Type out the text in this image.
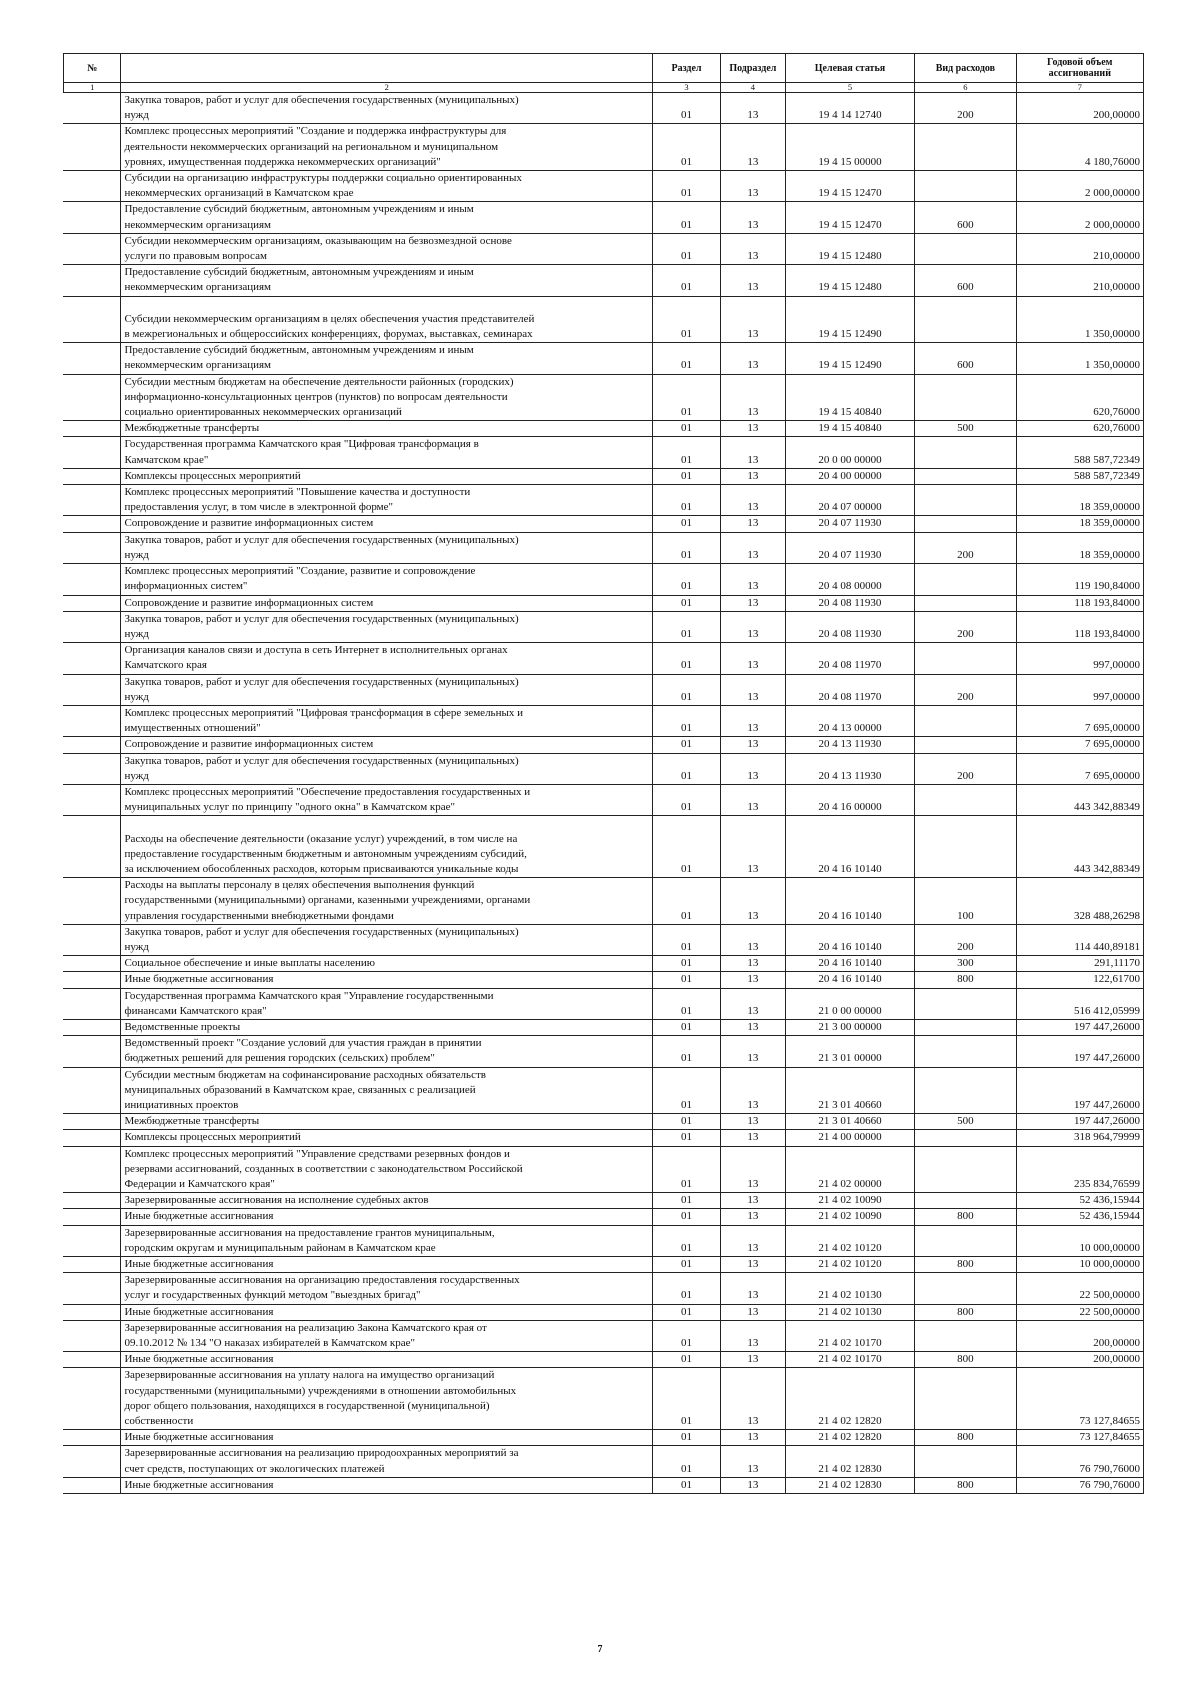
№		Раздел	Подраздел	Целевая статья	Вид расходов	Годовой объем ассигнований
1	2	3	4	5	6	7
	Закупка товаров, работ и услуг для обеспечения государственных (муниципальных)
нужд	01	13	19 4 14 12740	200	200,00000
	Комплекс процессных мероприятий "Создание и поддержка инфраструктуры для
деятельности некоммерческих организаций на региональном и муниципальном
уровнях, имущественная поддержка некоммерческих организаций"	01	13	19 4 15 00000		4 180,76000
	Субсидии на организацию инфраструктуры поддержки социально ориентированных
некоммерческих организаций в Камчатском крае	01	13	19 4 15 12470		2 000,00000
	Предоставление субсидий бюджетным, автономным учреждениям и иным
некоммерческим организациям	01	13	19 4 15 12470	600	2 000,00000
	Субсидии некоммерческим организациям, оказывающим на безвозмездной основе
услуги по правовым вопросам	01	13	19 4 15 12480		210,00000
	Предоставление субсидий бюджетным, автономным учреждениям и иным
некоммерческим организациям	01	13	19 4 15 12480	600	210,00000

Субсидии некоммерческим организациям в целях обеспечения участия представителей
в межрегиональных и общероссийских конференциях, форумах, выставках, семинарах	01	13	19 4 15 12490		1 350,00000
	Предоставление субсидий бюджетным, автономным учреждениям и иным
некоммерческим организациям	01	13	19 4 15 12490	600	1 350,00000
	Субсидии местным бюджетам на обеспечение деятельности районных (городских)
информационно-консультационных центров (пунктов) по вопросам деятельности
социально ориентированных некоммерческих организаций	01	13	19 4 15 40840		620,76000
	Межбюджетные трансферты	01	13	19 4 15 40840	500	620,76000
	Государственная программа Камчатского края "Цифровая трансформация в
Камчатском крае"	01	13	20 0 00 00000		588 587,72349
	Комплексы процессных мероприятий	01	13	20 4 00 00000		588 587,72349
	Комплекс процессных мероприятий "Повышение качества и доступности
предоставления услуг, в том числе в электронной форме"	01	13	20 4 07 00000		18 359,00000
	Сопровождение и развитие информационных систем	01	13	20 4 07 11930		18 359,00000
	Закупка товаров, работ и услуг для обеспечения государственных (муниципальных)
нужд	01	13	20 4 07 11930	200	18 359,00000
	Комплекс процессных мероприятий "Создание, развитие и сопровождение
информационных систем"	01	13	20 4 08 00000		119 190,84000
	Сопровождение и развитие информационных систем	01	13	20 4 08 11930		118 193,84000
	Закупка товаров, работ и услуг для обеспечения государственных (муниципальных)
нужд	01	13	20 4 08 11930	200	118 193,84000
	Организация каналов связи и доступа в сеть Интернет в исполнительных органах
Камчатского края	01	13	20 4 08 11970		997,00000
	Закупка товаров, работ и услуг для обеспечения государственных (муниципальных)
нужд	01	13	20 4 08 11970	200	997,00000
	Комплекс процессных мероприятий "Цифровая трансформация в сфере земельных и
имущественных отношений"	01	13	20 4 13 00000		7 695,00000
	Сопровождение и развитие информационных систем	01	13	20 4 13 11930		7 695,00000
	Закупка товаров, работ и услуг для обеспечения государственных (муниципальных)
нужд	01	13	20 4 13 11930	200	7 695,00000
	Комплекс процессных мероприятий "Обеспечение предоставления государственных и
муниципальных услуг по принципу "одного окна" в Камчатском крае"	01	13	20 4 16 00000		443 342,88349

Расходы на обеспечение деятельности (оказание услуг) учреждений, в том числе на
предоставление государственным бюджетным и автономным учреждениям субсидий,
за исключением обособленных расходов, которым присваиваются уникальные коды	01	13	20 4 16 10140		443 342,88349
	Расходы на выплаты персоналу в целях обеспечения выполнения функций
государственными (муниципальными) органами, казенными учреждениями, органами
управления государственными внебюджетными фондами	01	13	20 4 16 10140	100	328 488,26298
	Закупка товаров, работ и услуг для обеспечения государственных (муниципальных)
нужд	01	13	20 4 16 10140	200	114 440,89181
	Социальное обеспечение и иные выплаты населению	01	13	20 4 16 10140	300	291,11170
	Иные бюджетные ассигнования	01	13	20 4 16 10140	800	122,61700
	Государственная программа Камчатского края "Управление государственными
финансами Камчатского края"	01	13	21 0 00 00000		516 412,05999
	Ведомственные проекты	01	13	21 3 00 00000		197 447,26000
	Ведомственный проект "Создание условий для участия граждан в принятии
бюджетных решений для решения городских (сельских) проблем"	01	13	21 3 01 00000		197 447,26000
	Субсидии местным бюджетам на софинансирование расходных обязательств
муниципальных образований в Камчатском крае, связанных с реализацией
инициативных проектов	01	13	21 3 01 40660		197 447,26000
	Межбюджетные трансферты	01	13	21 3 01 40660	500	197 447,26000
	Комплексы процессных мероприятий	01	13	21 4 00 00000		318 964,79999
	Комплекс процессных мероприятий "Управление средствами резервных фондов и
резервами ассигнований, созданных в соответствии с законодательством Российской
Федерации и Камчатского края"	01	13	21 4 02 00000		235 834,76599
	Зарезервированные ассигнования на исполнение судебных актов	01	13	21 4 02 10090		52 436,15944
	Иные бюджетные ассигнования	01	13	21 4 02 10090	800	52 436,15944
	Зарезервированные ассигнования на предоставление грантов муниципальным,
городским округам и муниципальным районам в Камчатском крае	01	13	21 4 02 10120		10 000,00000
	Иные бюджетные ассигнования	01	13	21 4 02 10120	800	10 000,00000
	Зарезервированные ассигнования на организацию предоставления государственных
услуг и государственных функций методом "выездных бригад"	01	13	21 4 02 10130		22 500,00000
	Иные бюджетные ассигнования	01	13	21 4 02 10130	800	22 500,00000
	Зарезервированные ассигнования на реализацию Закона Камчатского края от
09.10.2012 № 134 "О наказах избирателей в Камчатском крае"	01	13	21 4 02 10170		200,00000
	Иные бюджетные ассигнования	01	13	21 4 02 10170	800	200,00000
	Зарезервированные ассигнования на уплату налога на имущество организаций
государственными (муниципальными) учреждениями в отношении автомобильных
дорог общего пользования, находящихся в государственной (муниципальной)
собственности	01	13	21 4 02 12820		73 127,84655
	Иные бюджетные ассигнования	01	13	21 4 02 12820	800	73 127,84655
	Зарезервированные ассигнования на реализацию природоохранных мероприятий за
счет средств, поступающих от экологических платежей	01	13	21 4 02 12830		76 790,76000
	Иные бюджетные ассигнования	01	13	21 4 02 12830	800	76 790,76000
7
